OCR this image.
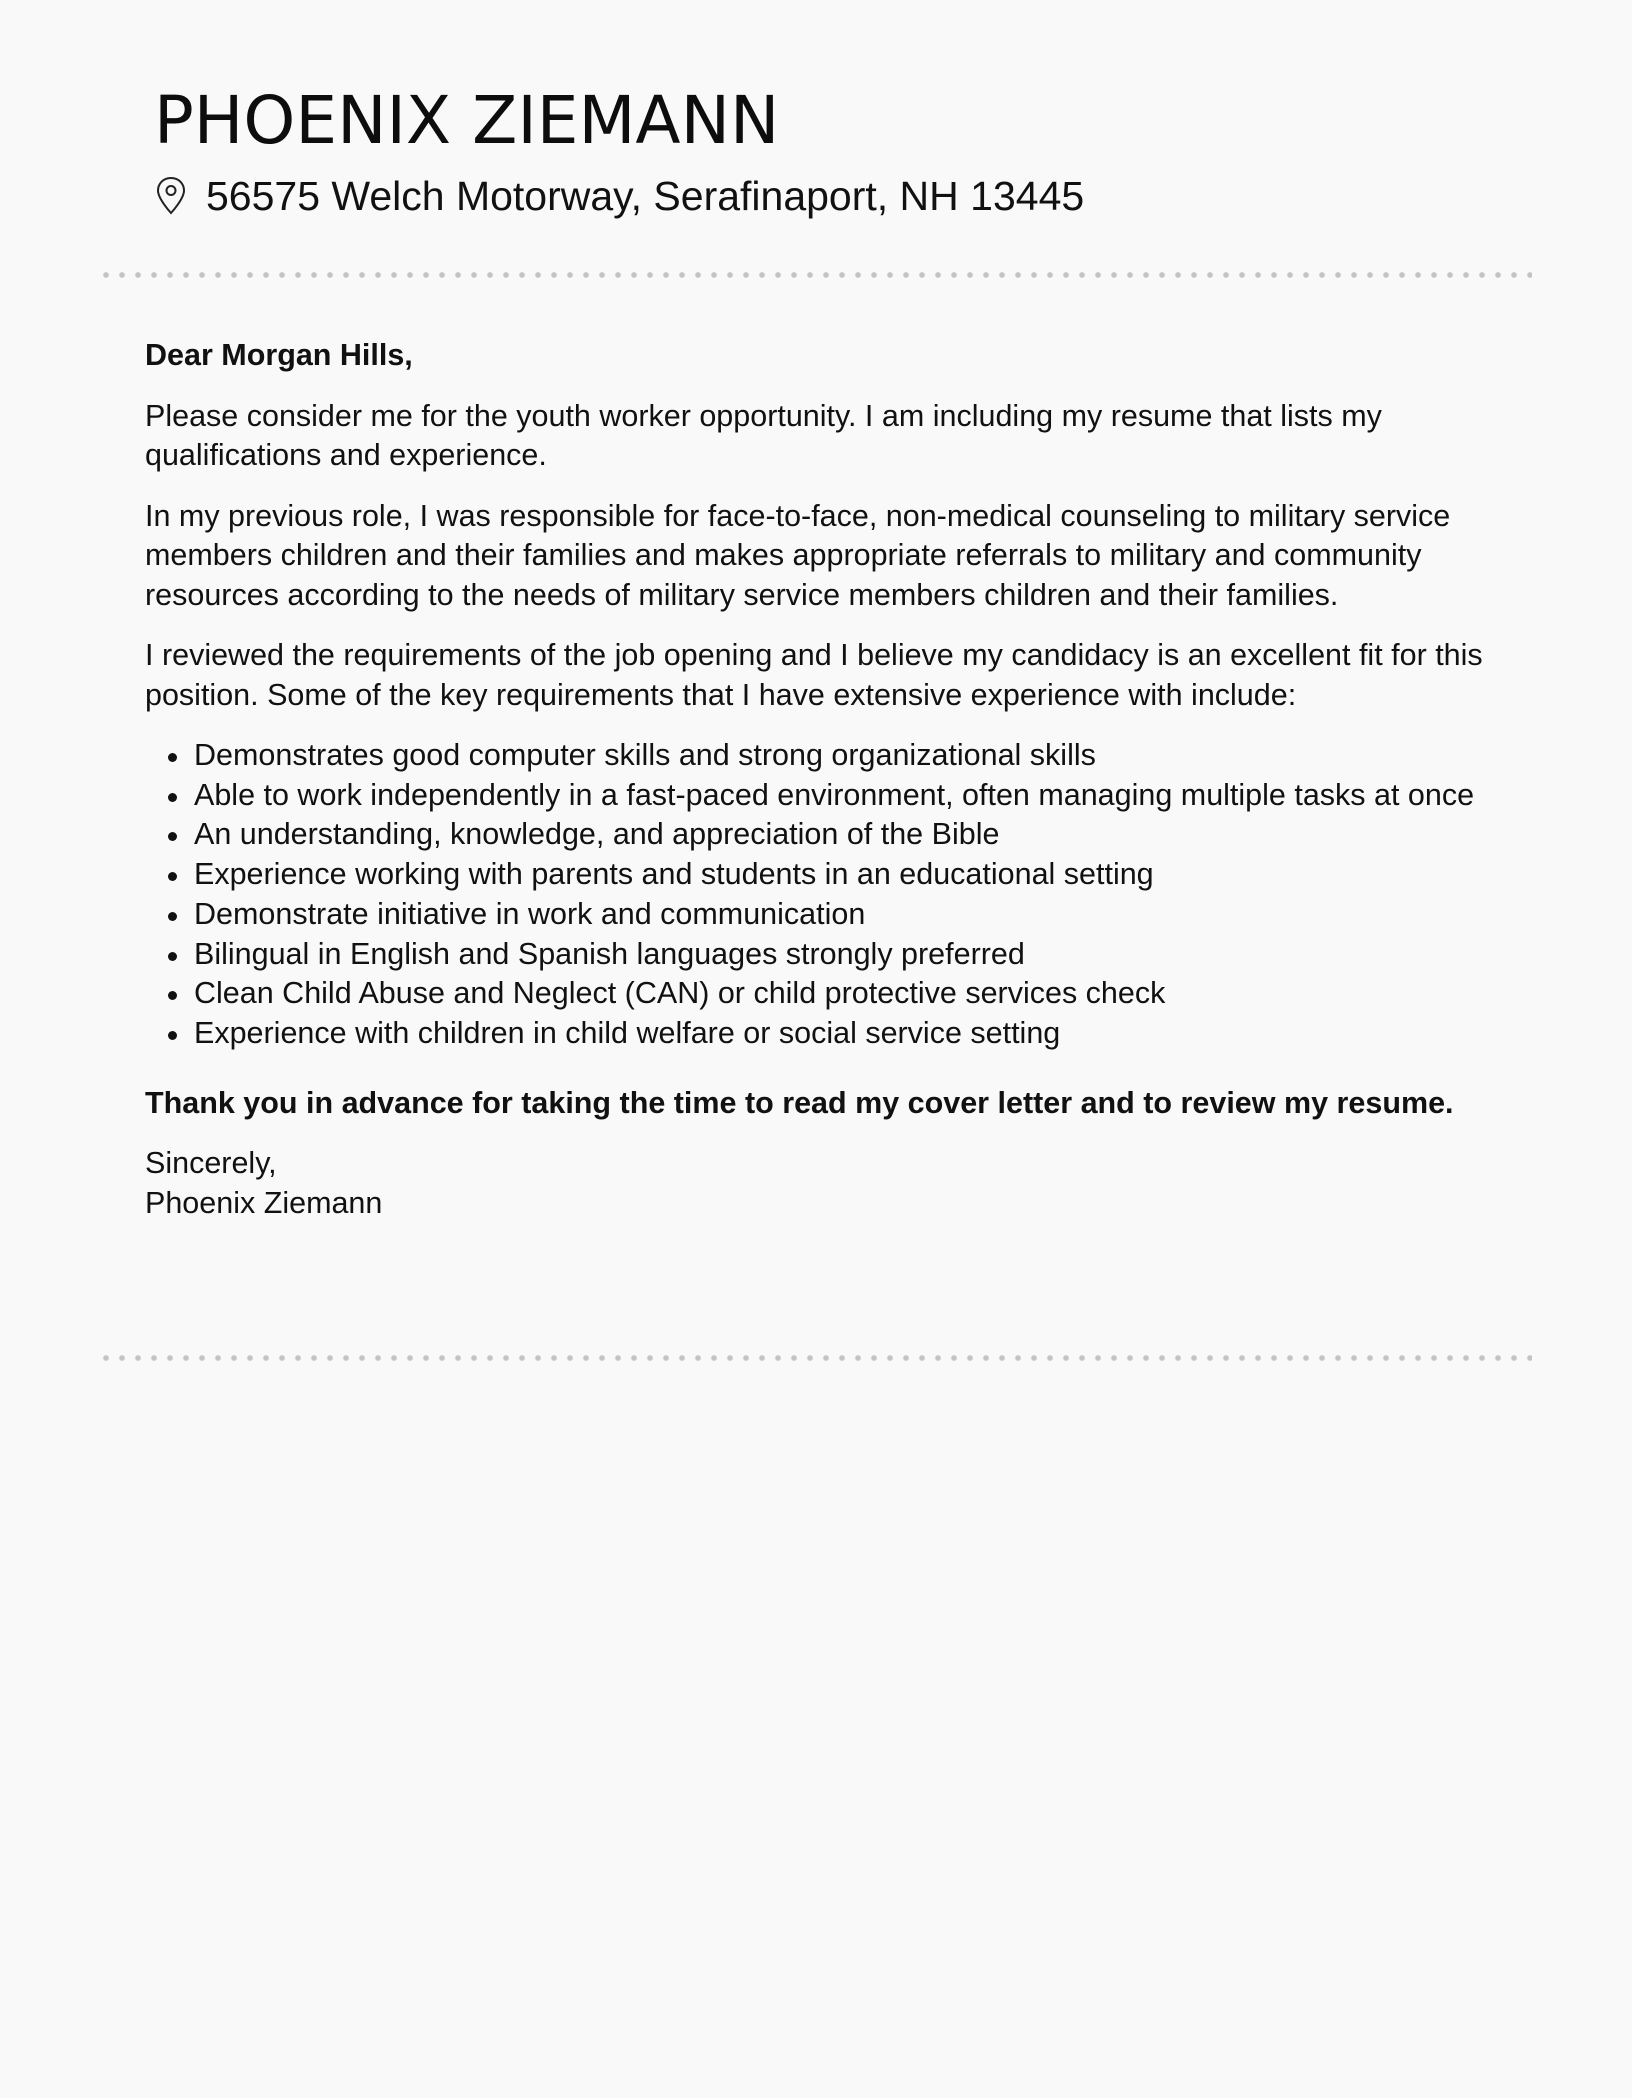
PHOENIX ZIEMANN
56575 Welch Motorway, Serafinaport, NH 13445

Dear Morgan Hills,

Please consider me for the youth worker opportunity. I am including my resume that lists my qualifications and experience.

In my previous role, I was responsible for face-to-face, non-medical counseling to military service members children and their families and makes appropriate referrals to military and community resources according to the needs of military service members children and their families.

I reviewed the requirements of the job opening and I believe my candidacy is an excellent fit for this position. Some of the key requirements that I have extensive experience with include:

Demonstrates good computer skills and strong organizational skills
Able to work independently in a fast-paced environment, often managing multiple tasks at once
An understanding, knowledge, and appreciation of the Bible
Experience working with parents and students in an educational setting
Demonstrate initiative in work and communication
Bilingual in English and Spanish languages strongly preferred
Clean Child Abuse and Neglect (CAN) or child protective services check
Experience with children in child welfare or social service setting

Thank you in advance for taking the time to read my cover letter and to review my resume.

Sincerely,

Phoenix Ziemann
